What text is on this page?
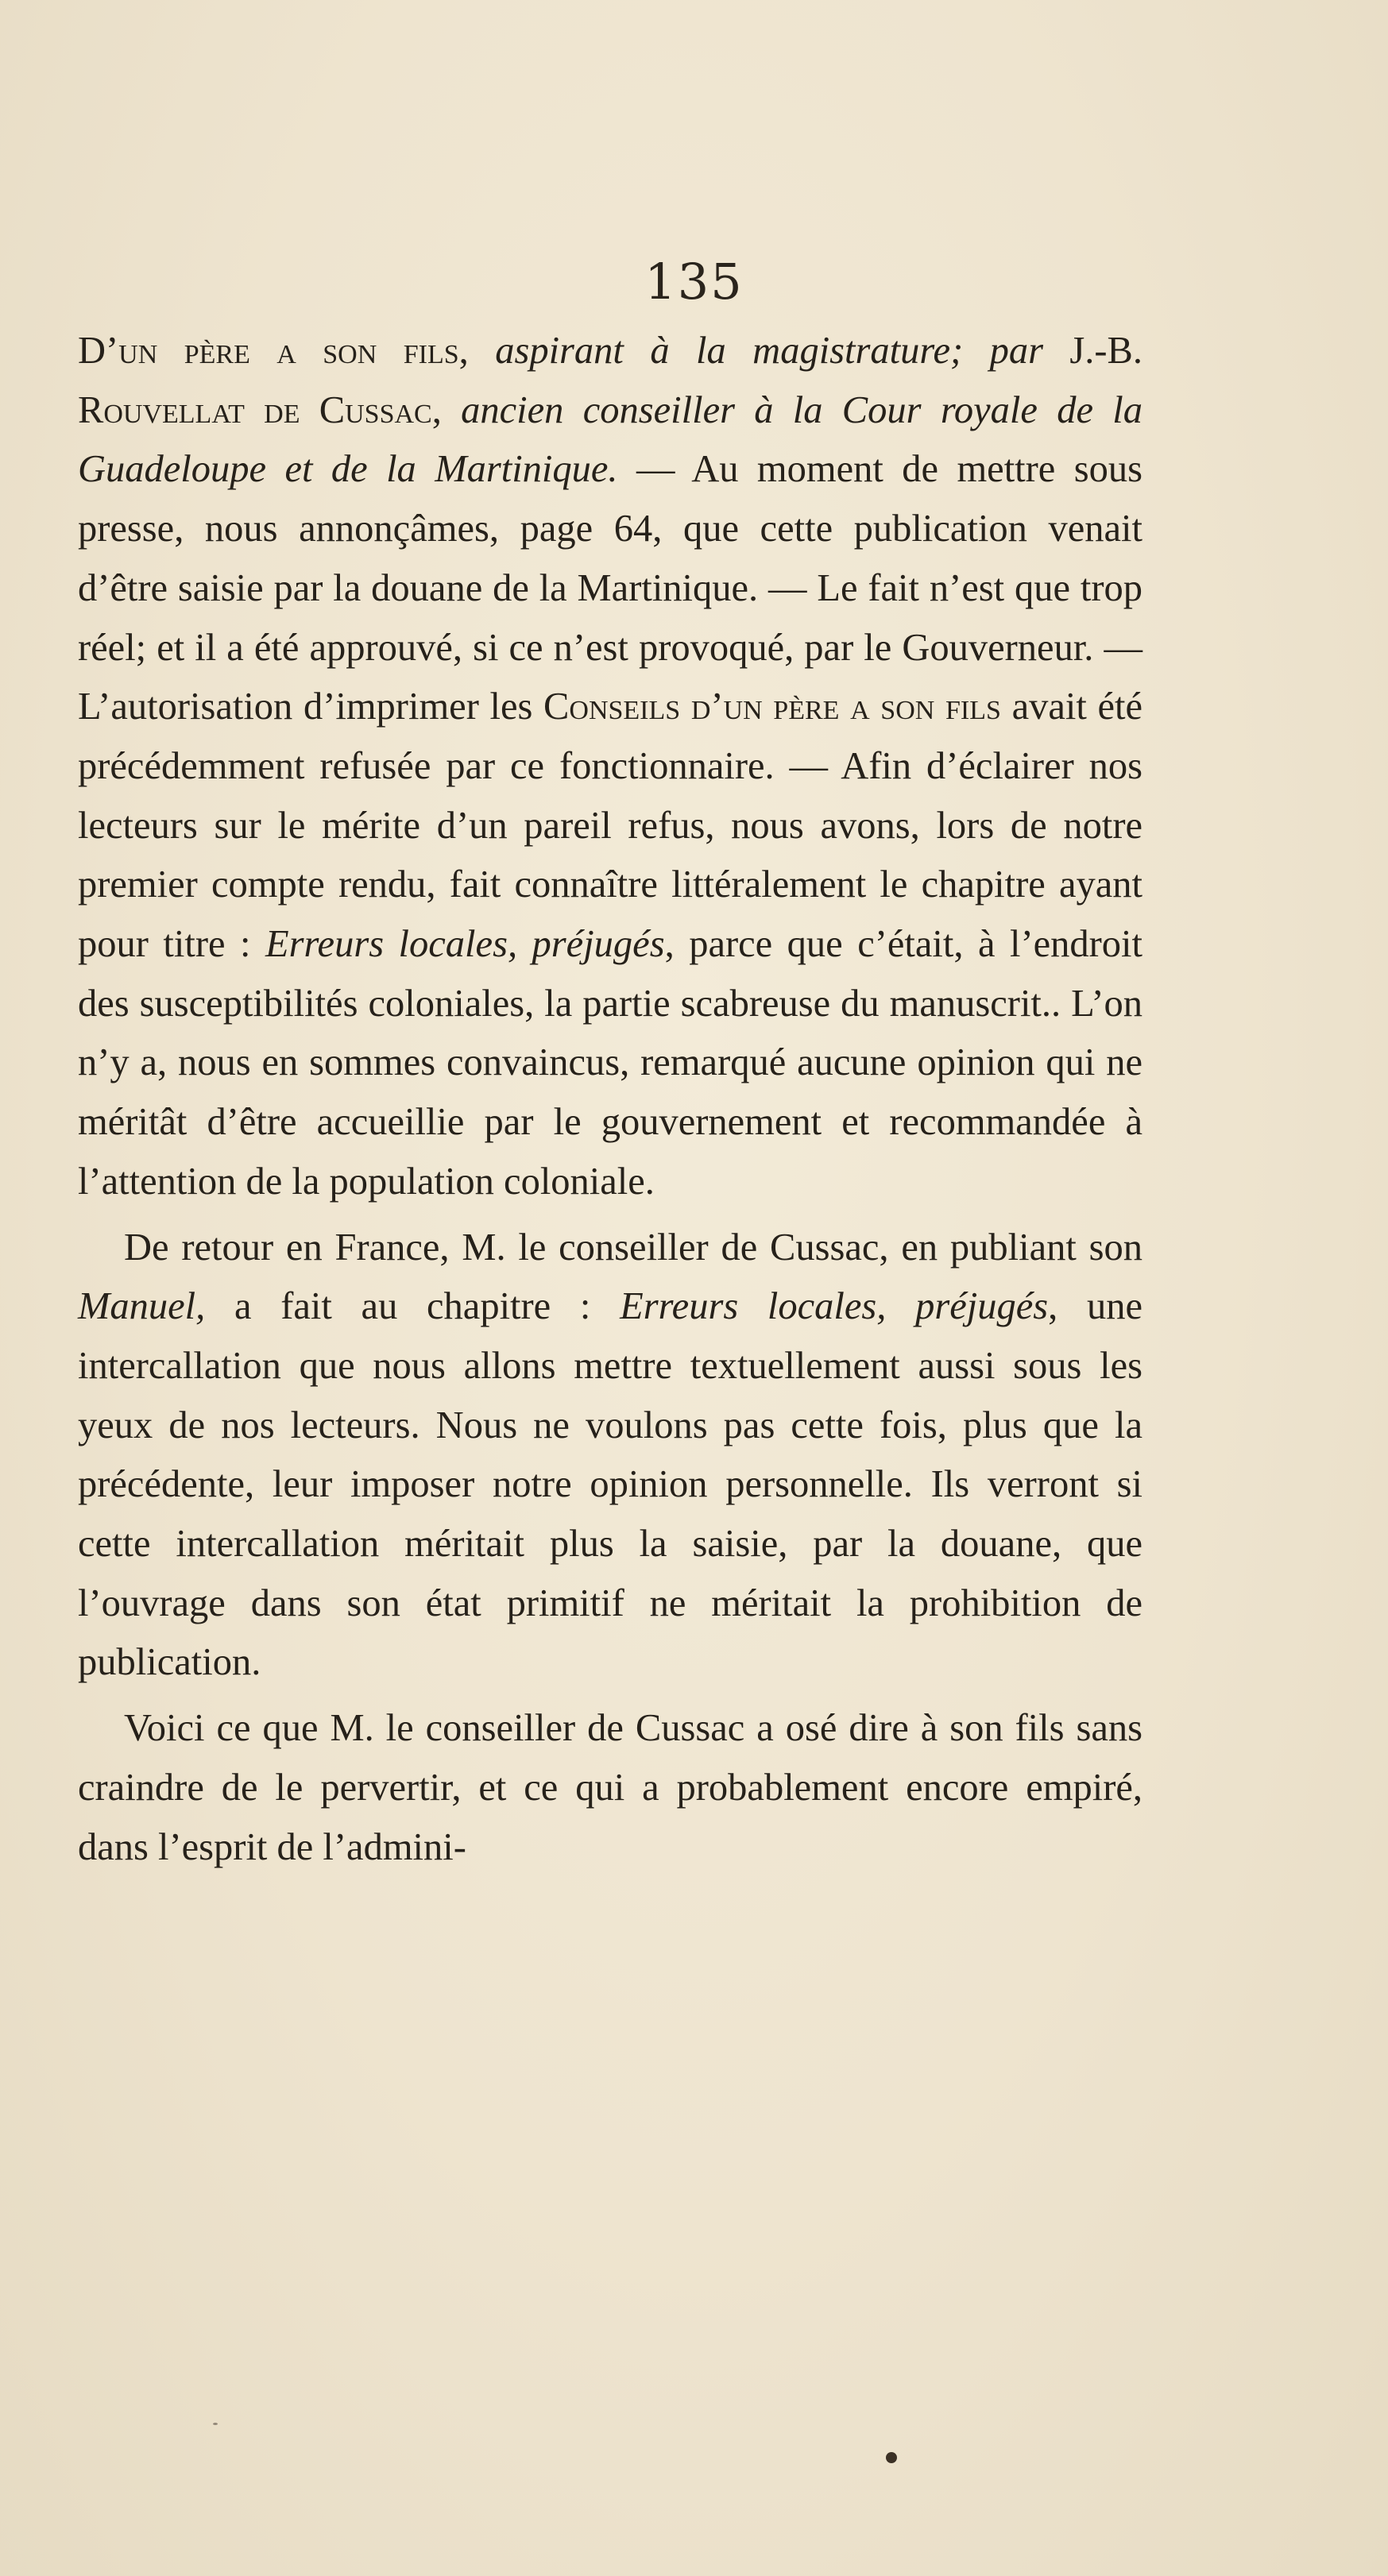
135

D’un père a son fils, aspirant à la magistrature; par J.-B. Rouvellat de Cussac, ancien conseiller à la Cour royale de la Guadeloupe et de la Martinique. — Au moment de mettre sous presse, nous annonçâmes, page 64, que cette publication venait d’être saisie par la douane de la Martinique. — Le fait n’est que trop réel; et il a été approuvé, si ce n’est provoqué, par le Gouverneur. — L’autorisation d’imprimer les Conseils d’un père a son fils avait été précédemment refusée par ce fonctionnaire. — Afin d’éclairer nos lecteurs sur le mérite d’un pareil refus, nous avons, lors de notre premier compte rendu, fait connaître littéralement le chapitre ayant pour titre : Erreurs locales, préjugés, parce que c’était, à l’endroit des susceptibilités coloniales, la partie scabreuse du manuscrit.. L’on n’y a, nous en sommes convaincus, remarqué aucune opinion qui ne méritât d’être accueillie par le gouvernement et recommandée à l’attention de la population coloniale.

De retour en France, M. le conseiller de Cussac, en publiant son Manuel, a fait au chapitre : Erreurs locales, préjugés, une intercallation que nous allons mettre textuellement aussi sous les yeux de nos lecteurs. Nous ne voulons pas cette fois, plus que la précédente, leur imposer notre opinion personnelle. Ils verront si cette intercallation méritait plus la saisie, par la douane, que l’ouvrage dans son état primitif ne méritait la prohibition de publication.

Voici ce que M. le conseiller de Cussac a osé dire à son fils sans craindre de le pervertir, et ce qui a probablement encore empiré, dans l’esprit de l’admini-
